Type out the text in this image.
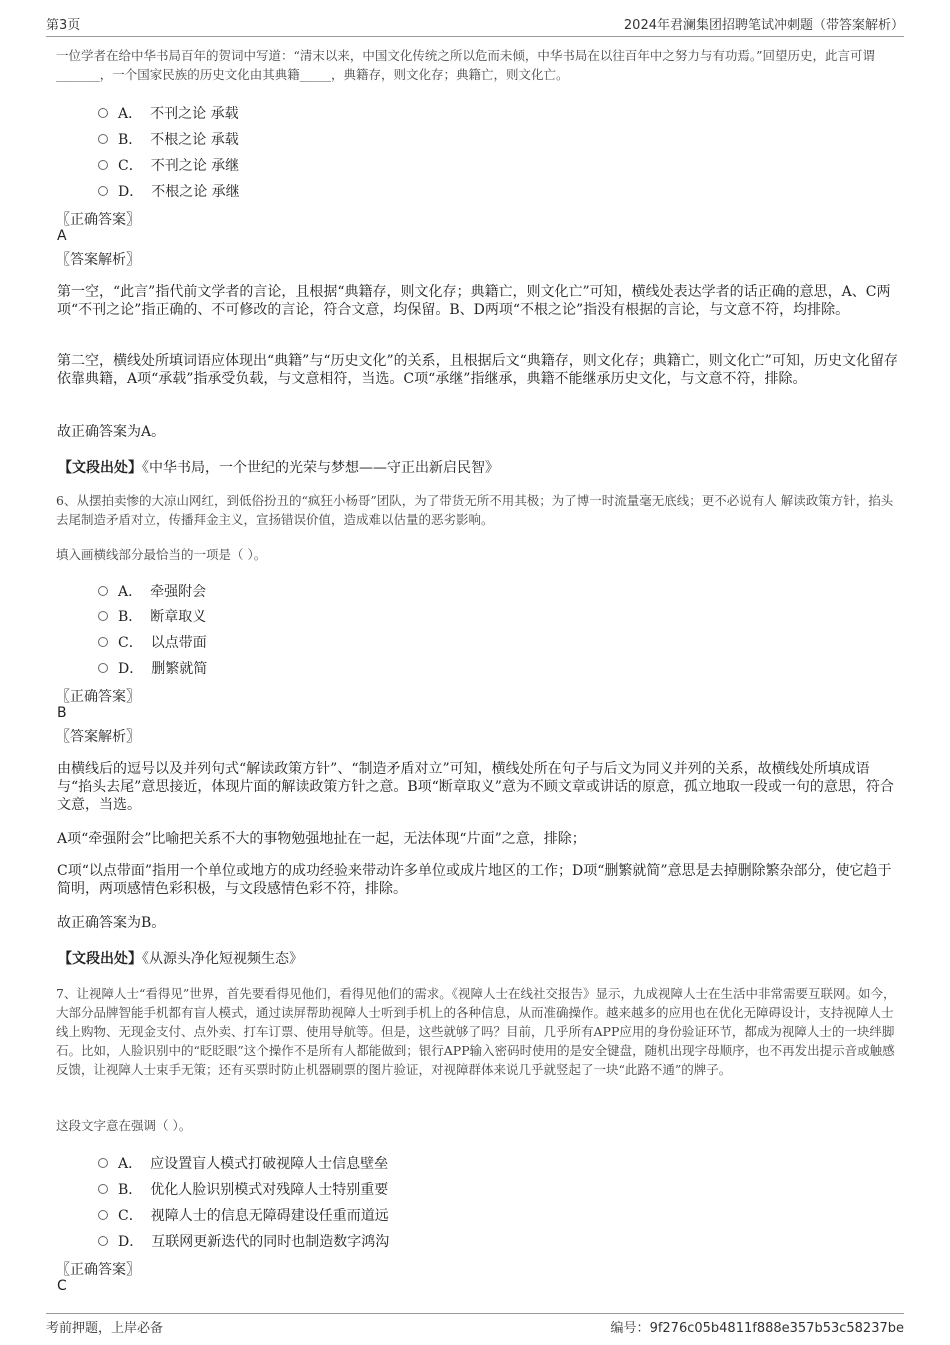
第3页	2024年君澜集团招聘笔试冲刺题（带答案解析）

一位学者在给中华书局百年的贺词中写道：“清末以来，中国文化传统之所以危而未倾，中华书局在以往百年中之努力与有功焉。”回望历史，此言可谓_______，一个国家民族的历史文化由其典籍_____，典籍存，则文化存；典籍亡，则文化亡。

A． 不刊之论 承载
B． 不根之论 承载
C． 不刊之论 承继
D． 不根之论 承继
〖正确答案〗
A
〖答案解析〗

第一空，“此言”指代前文学者的言论，且根据“典籍存，则文化存；典籍亡，则文化亡”可知，横线处表达学者的话正确的意思，A、C两项“不刊之论”指正确的、不可修改的言论，符合文意，均保留。B、D两项“不根之论”指没有根据的言论，与文意不符，均排除。

第二空，横线处所填词语应体现出“典籍”与“历史文化”的关系，且根据后文“典籍存，则文化存；典籍亡，则文化亡”可知，历史文化留存依靠典籍，A项“承载”指承受负载，与文意相符，当选。C项“承继”指继承，典籍不能继承历史文化，与文意不符，排除。

故正确答案为A。

【文段出处】《中华书局，一个世纪的光荣与梦想——守正出新启民智》

6、从摆拍卖惨的大凉山网红，到低俗扮丑的“疯狂小杨哥”团队，为了带货无所不用其极；为了博一时流量毫无底线；更不必说有人 解读政策方针，掐头去尾制造矛盾对立，传播拜金主义，宣扬错误价值，造成难以估量的恶劣影响。

填入画横线部分最恰当的一项是（ ）。

A． 牵强附会
B． 断章取义
C． 以点带面
D． 删繁就简
〖正确答案〗
B
〖答案解析〗

由横线后的逗号以及并列句式“解读政策方针”、“制造矛盾对立”可知，横线处所在句子与后文为同义并列的关系，故横线处所填成语与“掐头去尾”意思接近，体现片面的解读政策方针之意。B项“断章取义”意为不顾文章或讲话的原意，孤立地取一段或一句的意思，符合文意，当选。

A项“牵强附会”比喻把关系不大的事物勉强地扯在一起，无法体现“片面”之意，排除；

C项“以点带面”指用一个单位或地方的成功经验来带动许多单位或成片地区的工作；D项“删繁就简”意思是去掉删除繁杂部分，使它趋于简明，两项感情色彩积极，与文段感情色彩不符，排除。

故正确答案为B。

【文段出处】《从源头净化短视频生态》

7、让视障人士“看得见”世界，首先要看得见他们，看得见他们的需求。《视障人士在线社交报告》显示，九成视障人士在生活中非常需要互联网。如今，大部分品牌智能手机都有盲人模式，通过读屏帮助视障人士听到手机上的各种信息，从而准确操作。越来越多的应用也在优化无障碍设计，支持视障人士线上购物、无现金支付、点外卖、打车订票、使用导航等。但是，这些就够了吗？目前，几乎所有APP应用的身份验证环节，都成为视障人士的一块绊脚石。比如，人脸识别中的“眨眨眼”这个操作不是所有人都能做到；银行APP输入密码时使用的是安全键盘，随机出现字母顺序，也不再发出提示音或触感反馈，让视障人士束手无策；还有买票时防止机器刷票的图片验证，对视障群体来说几乎就竖起了一块“此路不通”的牌子。

这段文字意在强调（ ）。

A． 应设置盲人模式打破视障人士信息壁垒
B． 优化人脸识别模式对残障人士特别重要
C． 视障人士的信息无障碍建设任重而道远
D． 互联网更新迭代的同时也制造数字鸿沟
〖正确答案〗
C
考前押题，上岸必备	编号：9f276c05b4811f888e357b53c58237be
